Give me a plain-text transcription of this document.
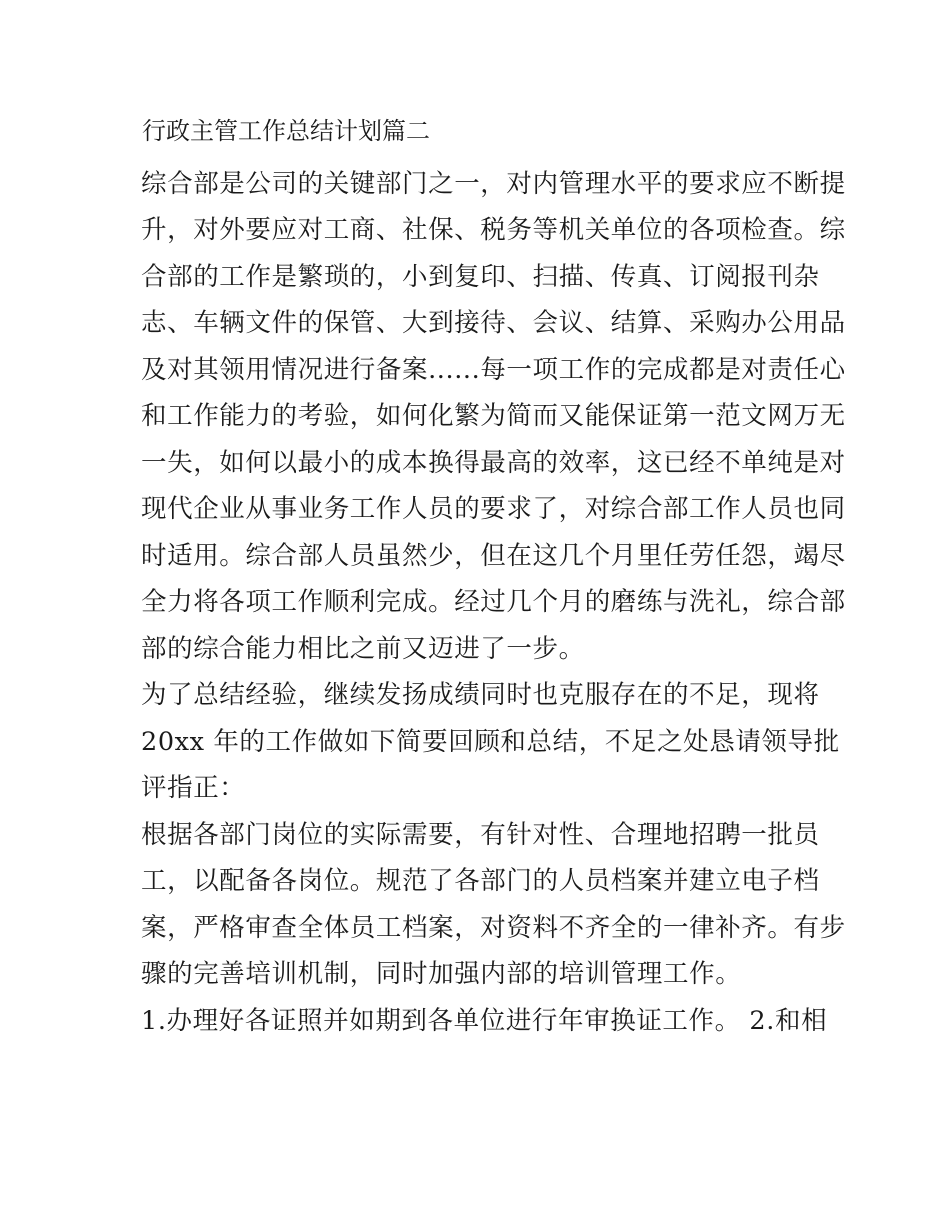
行政主管工作总结计划篇二
综合部是公司的关键部门之一，对内管理水平的要求应不断提
升，对外要应对工商、社保、税务等机关单位的各项检查。综
合部的工作是繁琐的，小到复印、扫描、传真、订阅报刊杂
志、车辆文件的保管、大到接待、会议、结算、采购办公用品
及对其领用情况进行备案......每一项工作的完成都是对责任心
和工作能力的考验，如何化繁为简而又能保证第一范文网万无
一失，如何以最小的成本换得最高的效率，这已经不单纯是对
现代企业从事业务工作人员的要求了，对综合部工作人员也同
时适用。综合部人员虽然少，但在这几个月里任劳任怨，竭尽
全力将各项工作顺利完成。经过几个月的磨练与洗礼，综合部
部的综合能力相比之前又迈进了一步。
为了总结经验，继续发扬成绩同时也克服存在的不足，现将
20xx 年的工作做如下简要回顾和总结，不足之处恳请领导批
评指正：
根据各部门岗位的实际需要，有针对性、合理地招聘一批员
工，以配备各岗位。规范了各部门的人员档案并建立电子档
案，严格审查全体员工档案，对资料不齐全的一律补齐。有步
骤的完善培训机制，同时加强内部的培训管理工作。
1.办理好各证照并如期到各单位进行年审换证工作。 2.和相
